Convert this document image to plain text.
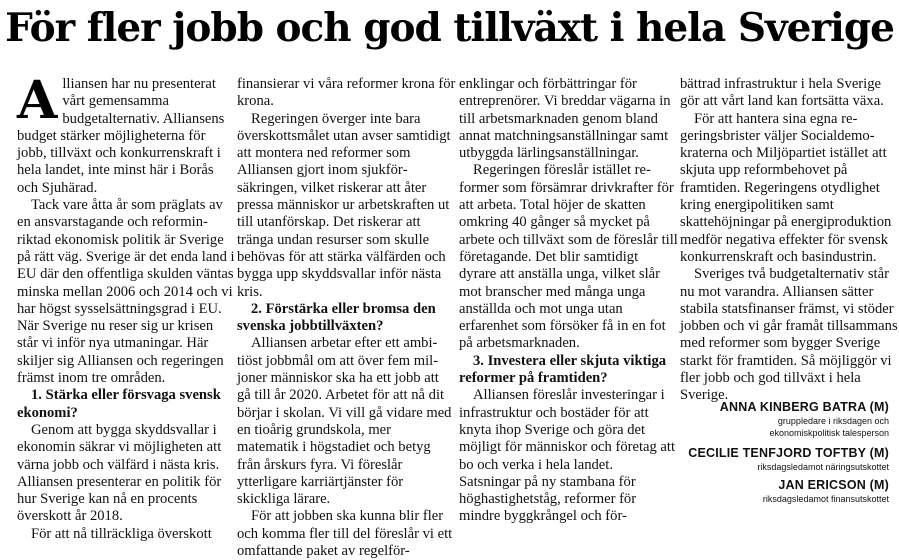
För fler jobb och god tillväxt i hela Sverige

Alliansen har nu presenterat vårt gemensamma budgetalternativ. Alliansens budget stärker möjligheterna för jobb, tillväxt och konkurrenskraft i hela landet, inte minst här i Borås och Sjuhärad.

Tack vare åtta år som präglats av en ansvarstagande och reforminriktad ekonomisk politik är Sverige på rätt väg. Sverige är det enda land i EU där den offentliga skulden väntas minska mellan 2006 och 2014 och vi har högst sysselsättningsgrad i EU. När Sverige nu reser sig ur krisen står vi inför nya utmaningar. Här skiljer sig Alliansen och regeringen främst inom tre områden.

1. Stärka eller försvaga svensk ekonomi?

Genom att bygga skyddsvallar i ekonomin säkrar vi möjligheten att värna jobb och välfärd i nästa kris. Alliansen presenterar en politik för hur Sverige kan nå en procents överskott år 2018.

För att nå tillräckliga överskott

finansierar vi våra reformer krona för krona.

Regeringen överger inte bara överskottsmålet utan avser samtidigt att montera ned reformer som Alliansen gjort inom sjukförsäkringen, vilket riskerar att åter pressa människor ur arbetskraften ut till utanförskap. Det riskerar att tränga undan resurser som skulle behövas för att stärka välfärden och bygga upp skyddsvallar inför nästa kris.

2. Förstärka eller bromsa den svenska jobbtillväxten?

Alliansen arbetar efter ett ambitiöst jobbmål om att över fem miljoner människor ska ha ett jobb att gå till år 2020. Arbetet för att nå dit börjar i skolan. Vi vill gå vidare med en tioårig grundskola, mer matematik i högstadiet och betyg från årskurs fyra. Vi föreslår ytterligare karriärtjänster för skickliga lärare.

För att jobben ska kunna blir fler och komma fler till del föreslår vi ett omfattande paket av regelför-

enklingar och förbättringar för entreprenörer. Vi breddar vägarna in till arbetsmarknaden genom bland annat matchningsanställningar samt utbyggda lärlingsanställningar.

Regeringen föreslår istället reformer som försämrar drivkrafter för att arbeta. Total höjer de skatten omkring 40 gånger så mycket på arbete och tillväxt som de föreslår till företagande. Det blir samtidigt dyrare att anställa unga, vilket slår mot branscher med många unga anställda och mot unga utan erfarenhet som försöker få in en fot på arbetsmarknaden.

3. Investera eller skjuta viktiga reformer på framtiden?

Alliansen föreslår investeringar i infrastruktur och bostäder för att knyta ihop Sverige och göra det möjligt för människor och företag att bo och verka i hela landet. Satsningar på ny stambana för höghastighetståg, reformer för mindre byggkrångel och för-

bättrad infrastruktur i hela Sverige gör att vårt land kan fortsätta växa.

För att hantera sina egna regeringsbrister väljer Socialdemokraterna och Miljöpartiet istället att skjuta upp reformbehovet på framtiden. Regeringens otydlighet kring energipolitiken samt skattehöjningar på energiproduktion medför negativa effekter för svensk konkurrenskraft och basindustrin.

Sveriges två budgetalternativ står nu mot varandra. Alliansen sätter stabila statsfinanser främst, vi stöder jobben och vi går framåt tillsammans med reformer som bygger Sverige starkt för framtiden. Så möjliggör vi fler jobb och god tillväxt i hela Sverige.

ANNA KINBERG BATRA (M)
gruppledare i riksdagen och
ekonomiskpolitisk talesperson
CECILIE TENFJORD TOFTBY (M)
riksdagsledamot näringsutskottet
JAN ERICSON (M)
riksdagsledamot finansutskottet
